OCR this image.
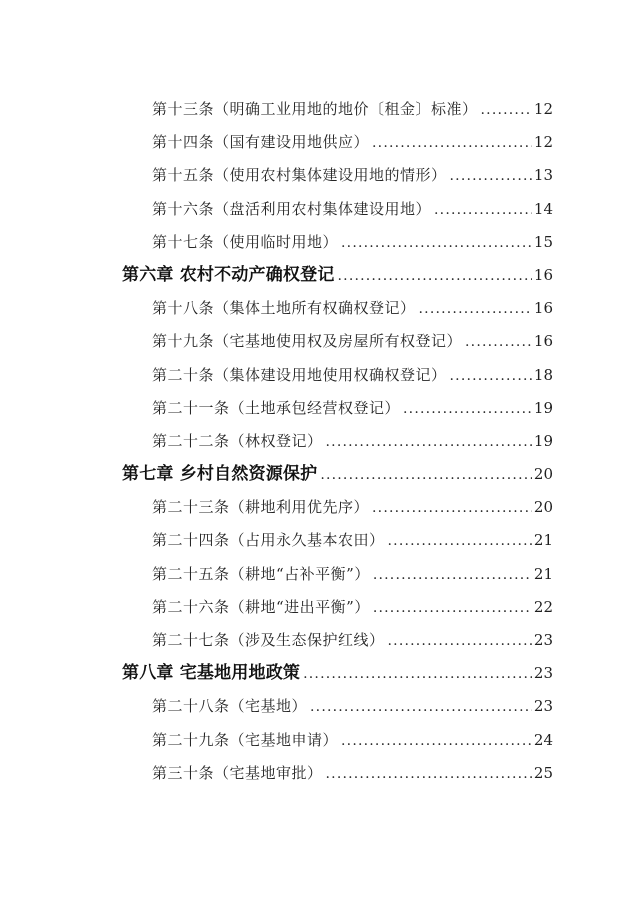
第十三条（明确工业用地的地价〔租金〕标准） .....	12
第十四条（国有建设用地供应） .....	12
第十五条（使用农村集体建设用地的情形） .....	13
第十六条（盘活利用农村集体建设用地） .....	14
第十七条（使用临时用地） .....	15
第六章 农村不动产确权登记 .....	16
第十八条（集体土地所有权确权登记） .....	16
第十九条（宅基地使用权及房屋所有权登记） .....	16
第二十条（集体建设用地使用权确权登记） .....	18
第二十一条（土地承包经营权登记） .....	19
第二十二条（林权登记） .....	19
第七章 乡村自然资源保护 .....	20
第二十三条（耕地利用优先序） .....	20
第二十四条（占用永久基本农田） .....	21
第二十五条（耕地“占补平衡”） .....	21
第二十六条（耕地“进出平衡”） .....	22
第二十七条（涉及生态保护红线） .....	23
第八章 宅基地用地政策 .....	23
第二十八条（宅基地） .....	23
第二十九条（宅基地申请） .....	24
第三十条（宅基地审批） .....	25
